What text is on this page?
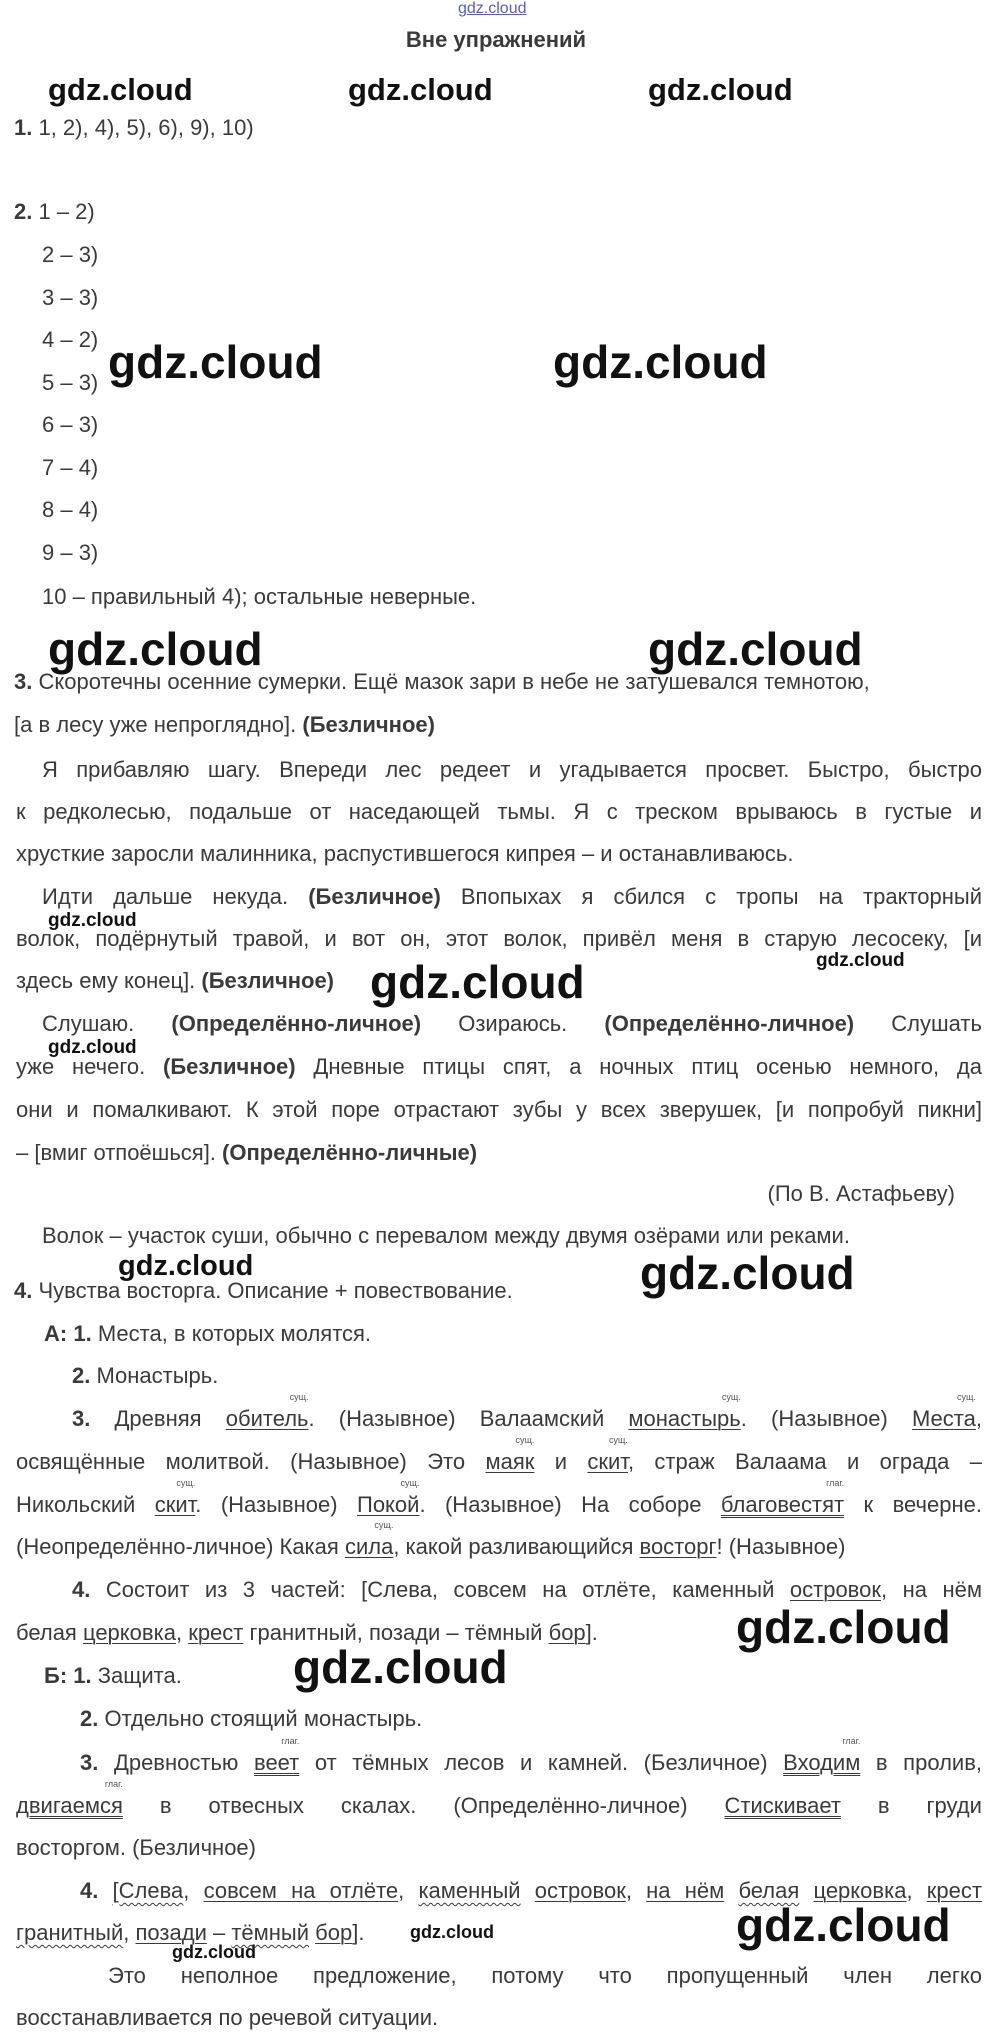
gdz.cloud
gdz.cloud	gdz.cloud	gdz.cloud
gdz.cloud	gdz.cloud
gdz.cloud	gdz.cloud
gdz.cloud
gdz.cloud
gdz.cloud
gdz.cloud
gdz.cloud	gdz.cloud
gdz.cloud
gdz.cloud
gdz.cloud
gdz.cloud
gdz.cloud
Вне упражнений
1. 1, 2), 4), 5), 6), 9), 10)
2. 1 – 2)
2 – 3)
3 – 3)
4 – 2)
5 – 3)
6 – 3)
7 – 4)
8 – 4)
9 – 3)
10 – правильный 4); остальные неверные.
3. Скоротечны осенние сумерки. Ещё мазок зари в небе не затушевался темнотою,
[а в лесу уже непроглядно]. (Безличное)
Я прибавляю шагу. Впереди лес редеет и угадывается просвет. Быстро, быстро
к редколесью, подальше от наседающей тьмы. Я с треском врываюсь в густые и
хрусткие заросли малинника, распустившегося кипрея – и останавливаюсь.
Идти дальше некуда. (Безличное) Впопыхах я сбился с тропы на тракторный
волок, подёрнутый травой, и вот он, этот волок, привёл меня в старую лесосеку, [и
здесь ему конец]. (Безличное)
Слушаю. (Определённо-личное) Озираюсь. (Определённо-личное) Слушать
уже нечего. (Безличное) Дневные птицы спят, а ночных птиц осенью немного, да
они и помалкивают. К этой поре отрастают зубы у всех зверушек, [и попробуй пикни]
– [вмиг отпоёшься]. (Определённо-личные)
(По В. Астафьеву)
Волок – участок суши, обычно с перевалом между двумя озёрами или реками.
4. Чувства восторга. Описание + повествование.
А: 1. Места, в которых молятся.
2. Монастырь.
3. Древняя сущ. обитель. (Назывное) Валаамский сущ. монастырь. (Назывное) сущ. Места,
освящённые молитвой. (Назывное) Это сущ. маяк и сущ. скит, страж Валаама и ограда –
Никольский сущ. скит. (Назывное) сущ. Покой. (Назывное) На соборе глаг. благовестят к вечерне.
(Неопределённо-личное) Какая сущ. сила, какой разливающийся восторг! (Назывное)
4. Состоит из 3 частей: [Слева, совсем на отлёте, каменный островок, на нём
белая церковка, крест гранитный, позади – тёмный бор].
Б: 1. Защита.
2. Отдельно стоящий монастырь.
3. Древностью глаг. веет от тёмных лесов и камней. (Безличное) глаг. Входим в пролив,
глаг. двигаемся в отвесных скалах. (Определённо-личное) Стискивает в груди
восторгом. (Безличное)
4. [Слева, совсем на отлёте, каменный островок, на нём белая церковка, крест
гранитный, позади – тёмный бор].
Это неполное предложение, потому что пропущенный член легко
восстанавливается по речевой ситуации.
